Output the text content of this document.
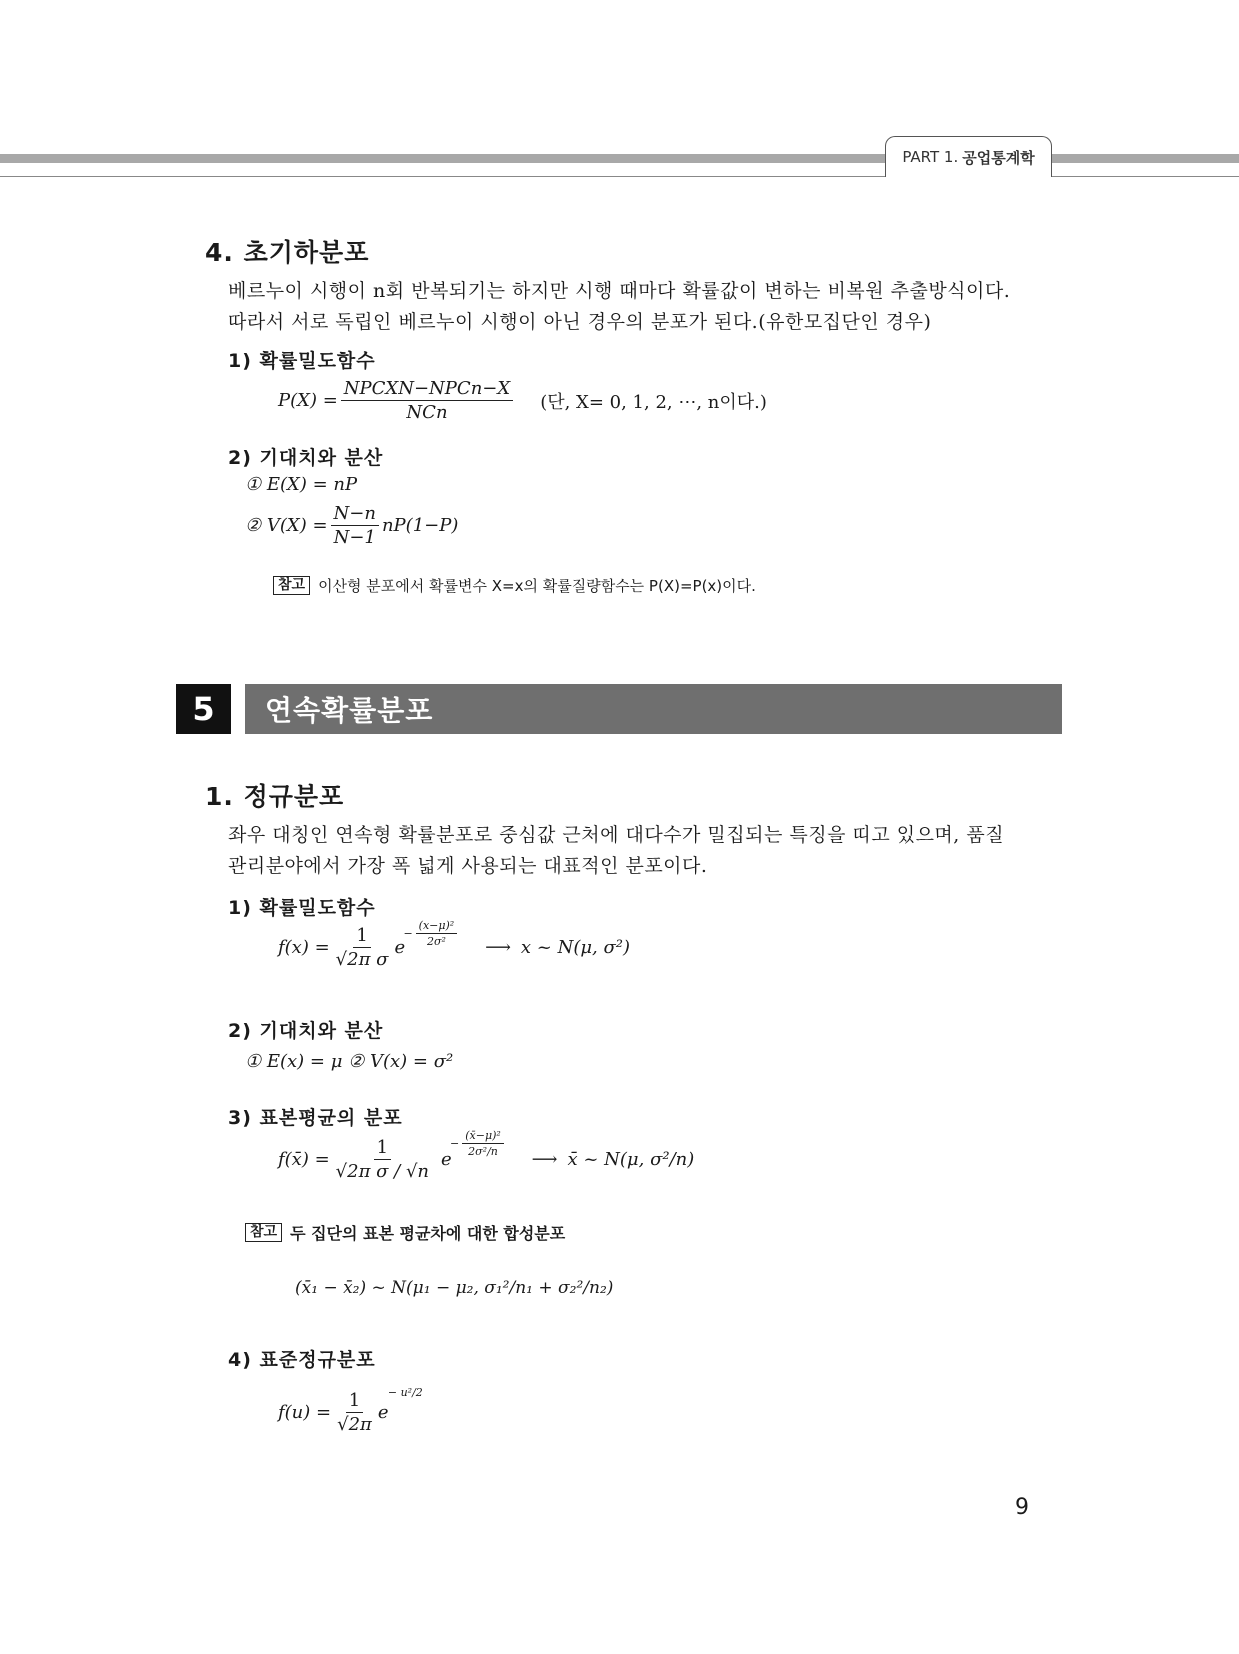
PART 1. 공업통계학
4. 초기하분포
베르누이 시행이 n회 반복되기는 하지만 시행 때마다 확률값이 변하는 비복원 추출방식이다.
따라서 서로 독립인 베르누이 시행이 아닌 경우의 분포가 된다.(유한모집단인 경우)
1) 확률밀도함수
$P(X) = \frac{\text{NPCXN−NPCn−X}}{\text{NCn}}$ (단, X= 0, 1, 2, ⋯, n이다.)
2) 기대치와 분산
① E(X) = nP
② $V(X) = \frac{N-n}{N-1} nP(1-P)$
참고 이산형 분포에서 확률변수 X=x의 확률질량함수는 P(X)=P(x)이다.
5	연속확률분포
1. 정규분포
좌우 대칭인 연속형 확률분포로 중심값 근처에 대다수가 밀집되는 특징을 띠고 있으며, 품질
관리분야에서 가장 폭 넓게 사용되는 대표적인 분포이다.
1) 확률밀도함수
$f(x) = \frac{1}{\text{√2π σ}}$ e
− $\frac{\text{(x−μ)²}}{\text{2σ²}}$ ⟶ x ~ N(μ, σ²)
2) 기대치와 분산
① E(x) = μ ② V(x) = σ²
3) 표본평균의 분포
f(x̄) = $\frac{1}{\text{√2π σ / √n}}$ e
− $\frac{\text{(x̄−μ)²}}{\text{2σ²/n}}$
⟶ x̄ ~ N(μ, σ²/n)
참고 두 집단의 표본 평균차에 대한 합성분포
(x̄₁ − x̄₂) ~ N(μ₁ − μ₂, σ₁²/n₁ + σ₂²/n₂)
4) 표준정규분포
$f(u) = \frac{1}{√2\pi}$ e
− u²/2
9
